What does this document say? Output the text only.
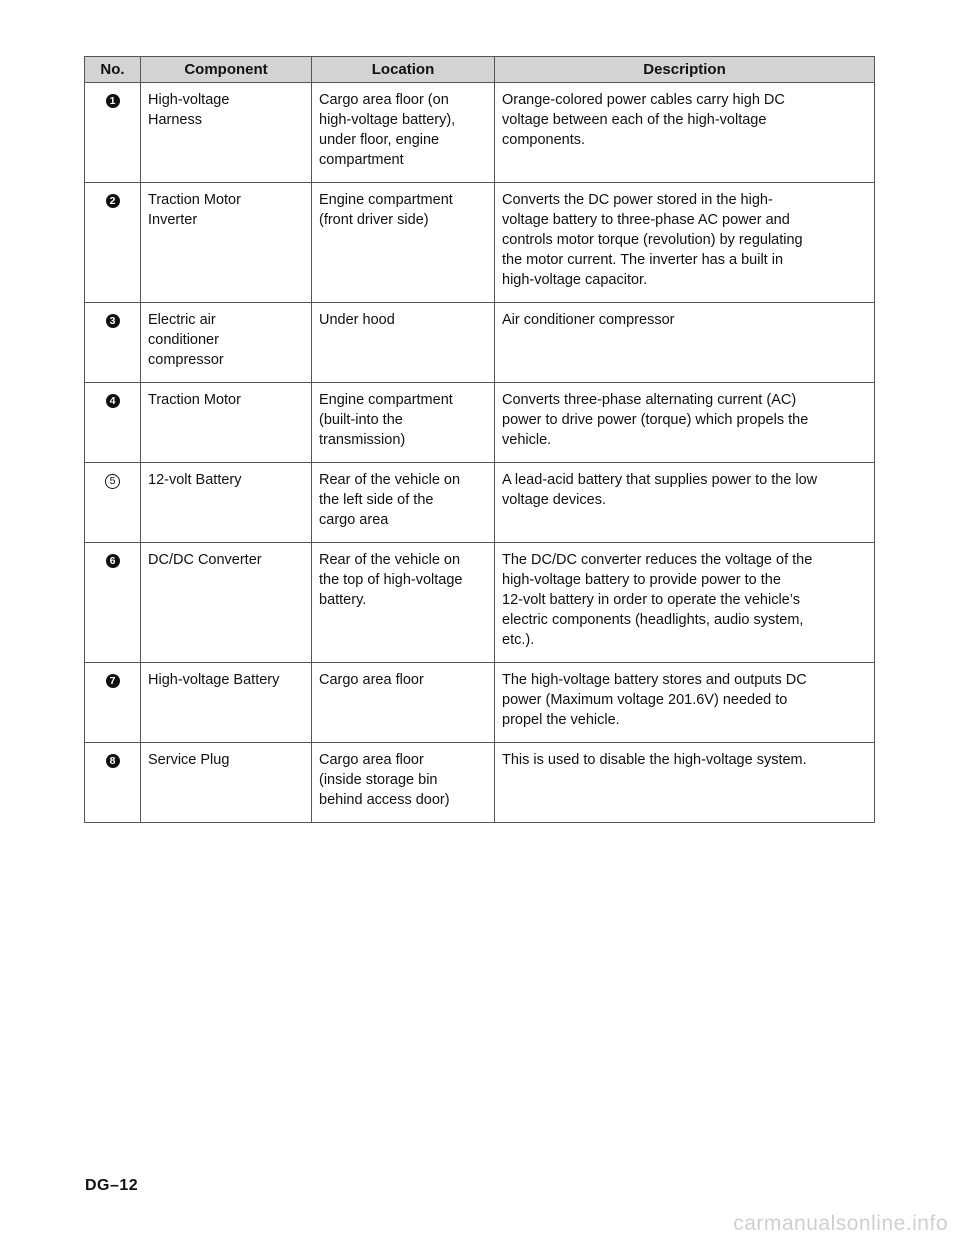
No.	Component	Location	Description
1	High-voltage
Harness	Cargo area floor (on
high-voltage battery),
under floor, engine
compartment	Orange-colored power cables carry high DC
voltage between each of the high-voltage
components.
2	Traction Motor
Inverter	Engine compartment
(front driver side)	Converts the DC power stored in the high-
voltage battery to three-phase AC power and
controls motor torque (revolution) by regulating
the motor current. The inverter has a built in
high-voltage capacitor.
3	Electric air
conditioner
compressor	Under hood	Air conditioner compressor
4	Traction Motor	Engine compartment
(built-into the
transmission)	Converts three-phase alternating current (AC)
power to drive power (torque) which propels the
vehicle.
5	12-volt Battery	Rear of the vehicle on
the left side of the
cargo area	A lead-acid battery that supplies power to the low
voltage devices.
6	DC/DC Converter	Rear of the vehicle on
the top of high-voltage
battery.	The DC/DC converter reduces the voltage of the
high-voltage battery to provide power to the
12-volt battery in order to operate the vehicle’s
electric components (headlights, audio system,
etc.).
7	High-voltage Battery	Cargo area floor	The high-voltage battery stores and outputs DC
power (Maximum voltage 201.6V) needed to
propel the vehicle.
8	Service Plug	Cargo area floor
(inside storage bin
behind access door)	This is used to disable the high-voltage system.
DG–12
carmanualsonline.info
